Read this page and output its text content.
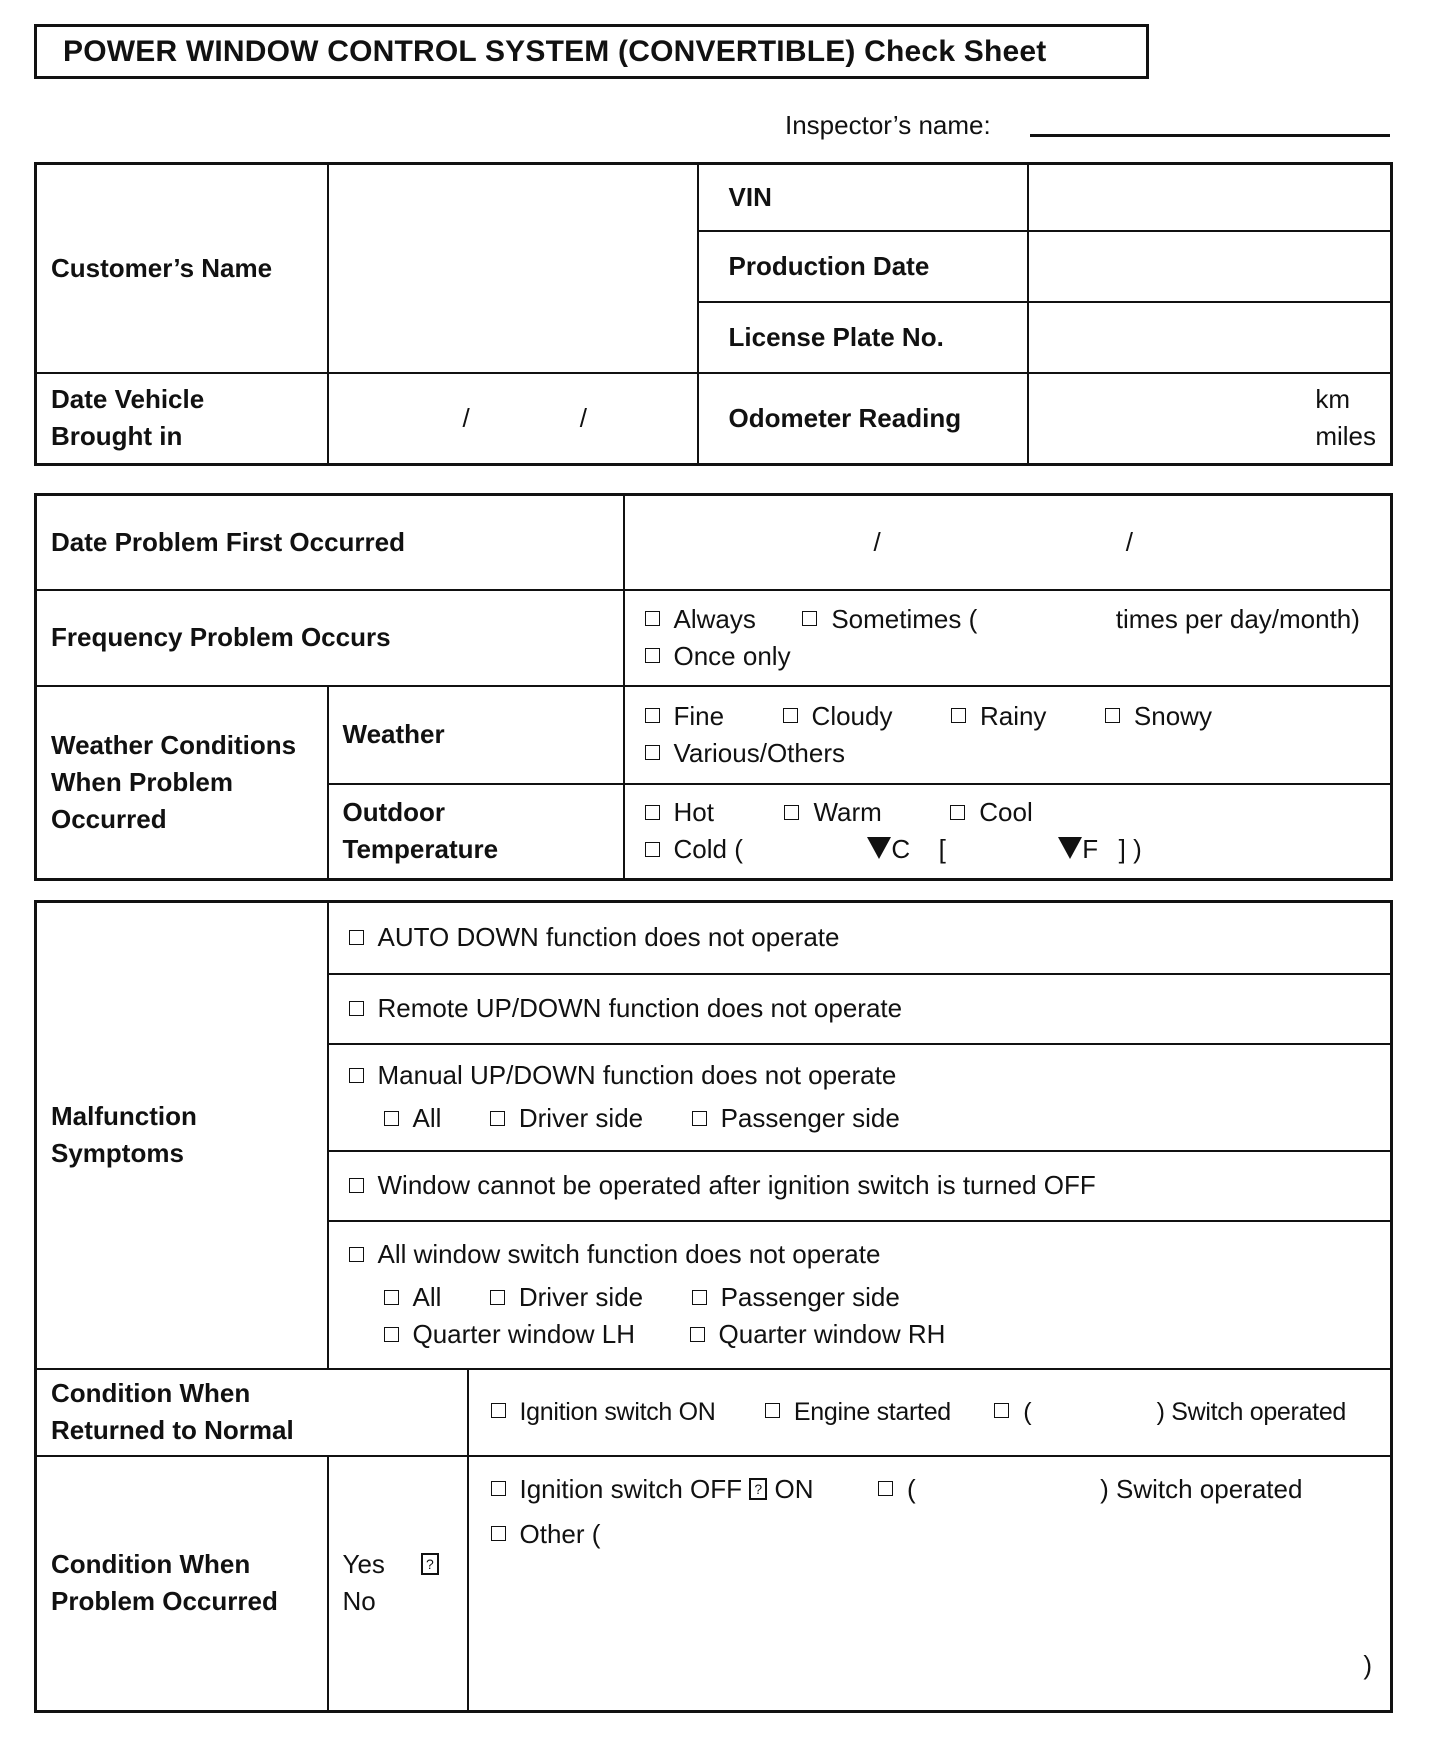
POWER WINDOW CONTROL SYSTEM (CONVERTIBLE) Check Sheet
Inspector’s name:
Customer’s Name		VIN	
		Production Date	
		License Plate No.	

Date Vehicle
Brought in	/ /	Odometer Reading	km
miles
Date Problem First Occurred		/ /
Frequency Problem Occurs		Always Sometimes ( times per day/month)
Once only

Weather Conditions
When Problem
Occurred	Weather	Fine Cloudy Rainy Snowy
Various/Others

	Outdoor
Temperature	Hot Warm Cool
Cold ( C [ F ] )
Malfunction
Symptoms	AUTO DOWN function does not operate	
	Remote UP/DOWN function does not operate	

	Manual UP/DOWN function does not operate
All Driver side Passenger side	

	Window cannot be operated after ignition switch is turned OFF	

	All window switch function does not operate
All Driver side Passenger side
Quarter window LH Quarter window RH	

Condition When
Returned to Normal		Ignition switch ON Engine started ( ) Switch operated

Condition When
Problem Occurred	Yes ?
No	Ignition switch OFF ? ON ( ) Switch operated
Other (
)
